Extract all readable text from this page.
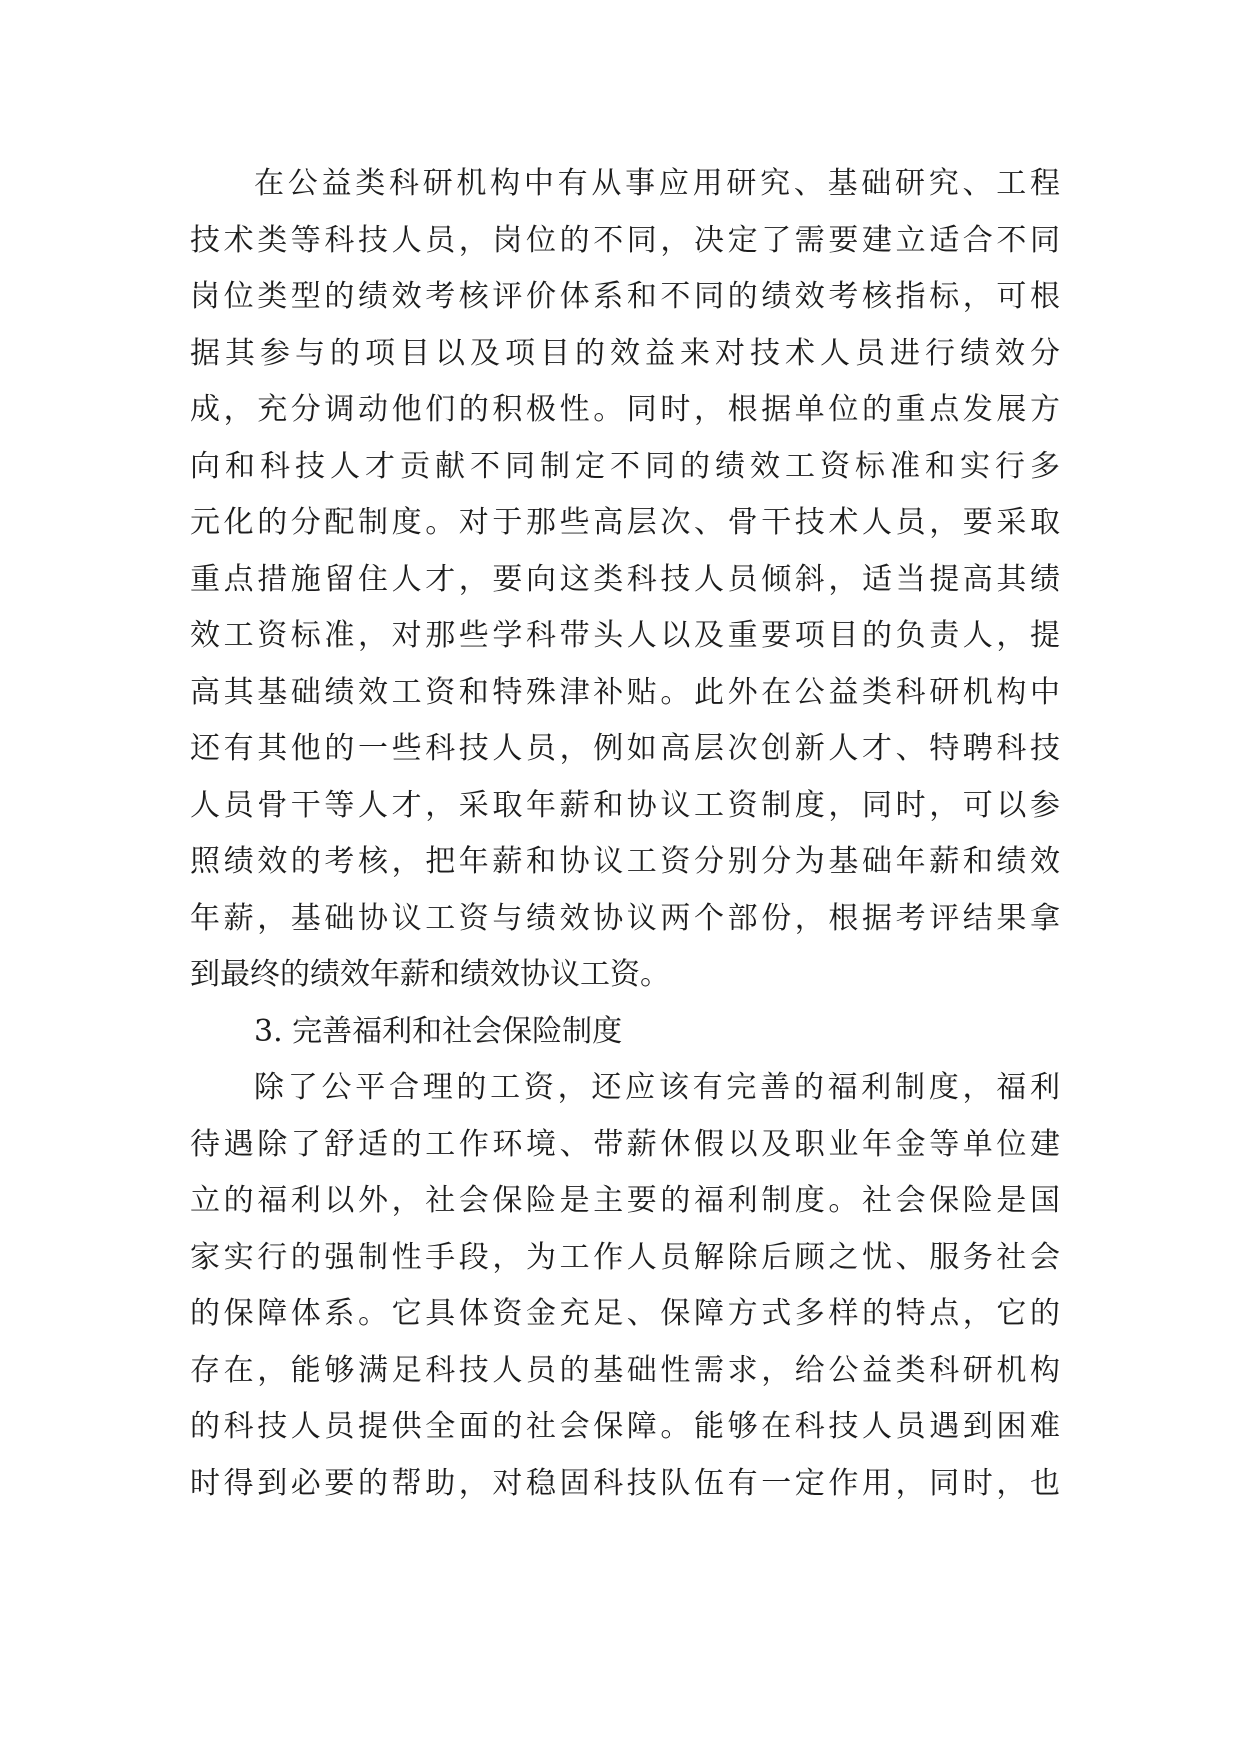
在公益类科研机构中有从事应用研究、基础研究、工程
技术类等科技人员，岗位的不同，决定了需要建立适合不同
岗位类型的绩效考核评价体系和不同的绩效考核指标，可根
据其参与的项目以及项目的效益来对技术人员进行绩效分
成，充分调动他们的积极性。同时，根据单位的重点发展方
向和科技人才贡献不同制定不同的绩效工资标准和实行多
元化的分配制度。对于那些高层次、骨干技术人员，要采取
重点措施留住人才，要向这类科技人员倾斜，适当提高其绩
效工资标准，对那些学科带头人以及重要项目的负责人，提
高其基础绩效工资和特殊津补贴。此外在公益类科研机构中
还有其他的一些科技人员，例如高层次创新人才、特聘科技
人员骨干等人才，采取年薪和协议工资制度，同时，可以参
照绩效的考核，把年薪和协议工资分别分为基础年薪和绩效
年薪，基础协议工资与绩效协议两个部份，根据考评结果拿
到最终的绩效年薪和绩效协议工资。
3. 完善福利和社会保险制度
除了公平合理的工资，还应该有完善的福利制度，福利
待遇除了舒适的工作环境、带薪休假以及职业年金等单位建
立的福利以外，社会保险是主要的福利制度。社会保险是国
家实行的强制性手段，为工作人员解除后顾之忧、服务社会
的保障体系。它具体资金充足、保障方式多样的特点，它的
存在，能够满足科技人员的基础性需求，给公益类科研机构
的科技人员提供全面的社会保障。能够在科技人员遇到困难
时得到必要的帮助，对稳固科技队伍有一定作用，同时，也
